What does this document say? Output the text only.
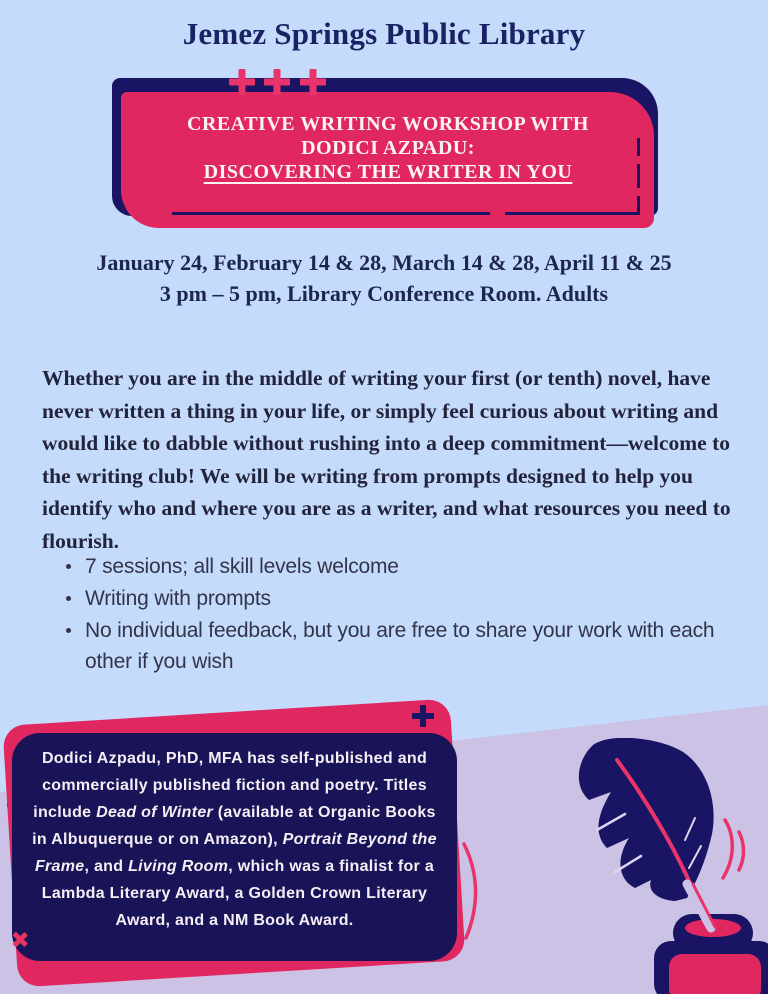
Jemez Springs Public Library
CREATIVE WRITING WORKSHOP WITH
DODICI AZPADU:
DISCOVERING THE WRITER IN YOU
January 24, February 14 & 28, March 14 & 28, April 11 & 25
3 pm – 5 pm, Library Conference Room. Adults
Whether you are in the middle of writing your first (or tenth) novel, have never written a thing in your life, or simply feel curious about writing and would like to dabble without rushing into a deep commitment—welcome to the writing club! We will be writing from prompts designed to help you identify who and where you are as a writer, and what resources you need to flourish.
7 sessions; all skill levels welcome
Writing with prompts
No individual feedback, but you are free to share your work with each other if you wish
Dodici Azpadu, PhD, MFA has self-published and commercially published fiction and poetry. Titles include Dead of Winter (available at Organic Books in Albuquerque or on Amazon), Portrait Beyond the Frame, and Living Room, which was a finalist for a Lambda Literary Award, a Golden Crown Literary Award, and a NM Book Award.
